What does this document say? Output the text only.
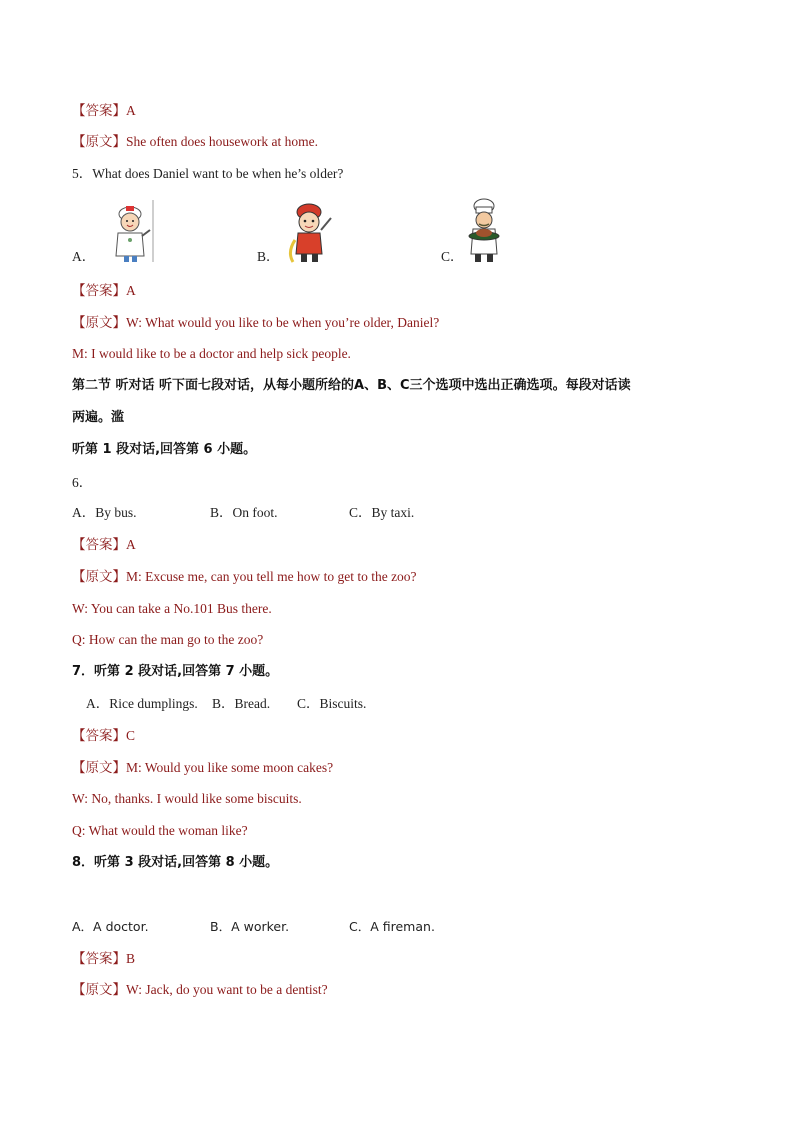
【答案】A
【原文】She often does housework at home.
5．What does Daniel want to be when he’s older?
A．	B．	C．
【答案】A
【原文】W: What would you like to be when you’re older, Daniel?
M: I would like to be a doctor and help sick people.
第二节 听对话 听下面七段对话，从每小题所给的A、B、C三个选项中选出正确选项。每段对话读
两遍。滥
听第 1 段对话,回答第 6 小题。
6．
A．By bus.	B．On foot.	C．By taxi.
【答案】A
【原文】M: Excuse me, can you tell me how to get to the zoo?
W: You can take a No.101 Bus there.
Q: How can the man go to the zoo?
7．听第 2 段对话,回答第 7 小题。
A．Rice dumplings. B．Bread. C．Biscuits.
【答案】C
【原文】M: Would you like some moon cakes?
W: No, thanks. I would like some biscuits.
Q: What would the woman like?
8．听第 3 段对话,回答第 8 小题。
A．A doctor.	B．A worker.	C．A fireman.
【答案】B
【原文】W: Jack, do you want to be a dentist?
